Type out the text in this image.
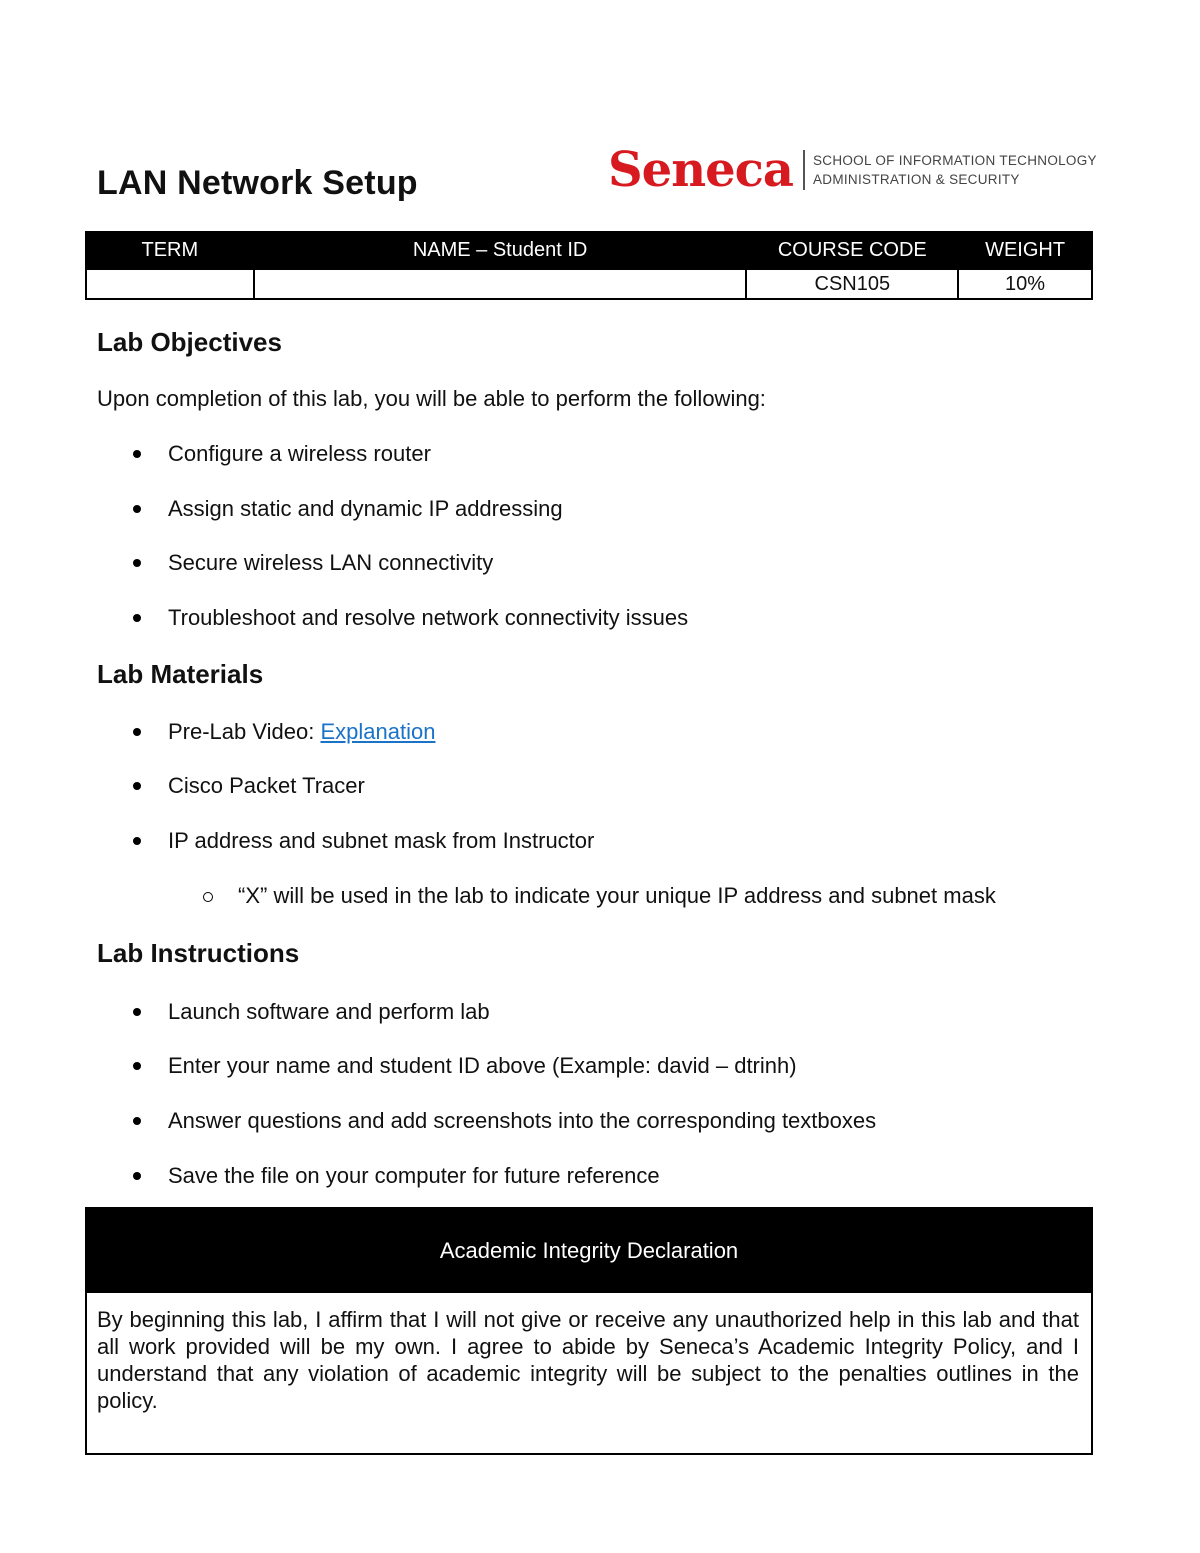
LAN Network Setup	Seneca SCHOOL OF INFORMATION TECHNOLOGY
ADMINISTRATION & SECURITY
TERM	NAME – Student ID	COURSE CODE	WEIGHT
		CSN105	10%
Lab Objectives

Upon completion of this lab, you will be able to perform the following:

Configure a wireless router

Assign static and dynamic IP addressing

Secure wireless LAN connectivity

Troubleshoot and resolve network connectivity issues

Lab Materials

Pre-Lab Video: Explanation

Cisco Packet Tracer

IP address and subnet mask from Instructor

“X” will be used in the lab to indicate your unique IP address and subnet mask

Lab Instructions

Launch software and perform lab

Enter your name and student ID above (Example: david – dtrinh)

Answer questions and add screenshots into the corresponding textboxes

Save the file on your computer for future reference

Academic Integrity Declaration
By beginning this lab, I affirm that I will not give or receive any unauthorized help in this lab and that all work provided will be my own. I agree to abide by Seneca’s Academic Integrity Policy, and I understand that any violation of academic integrity will be subject to the penalties outlines in the policy.
